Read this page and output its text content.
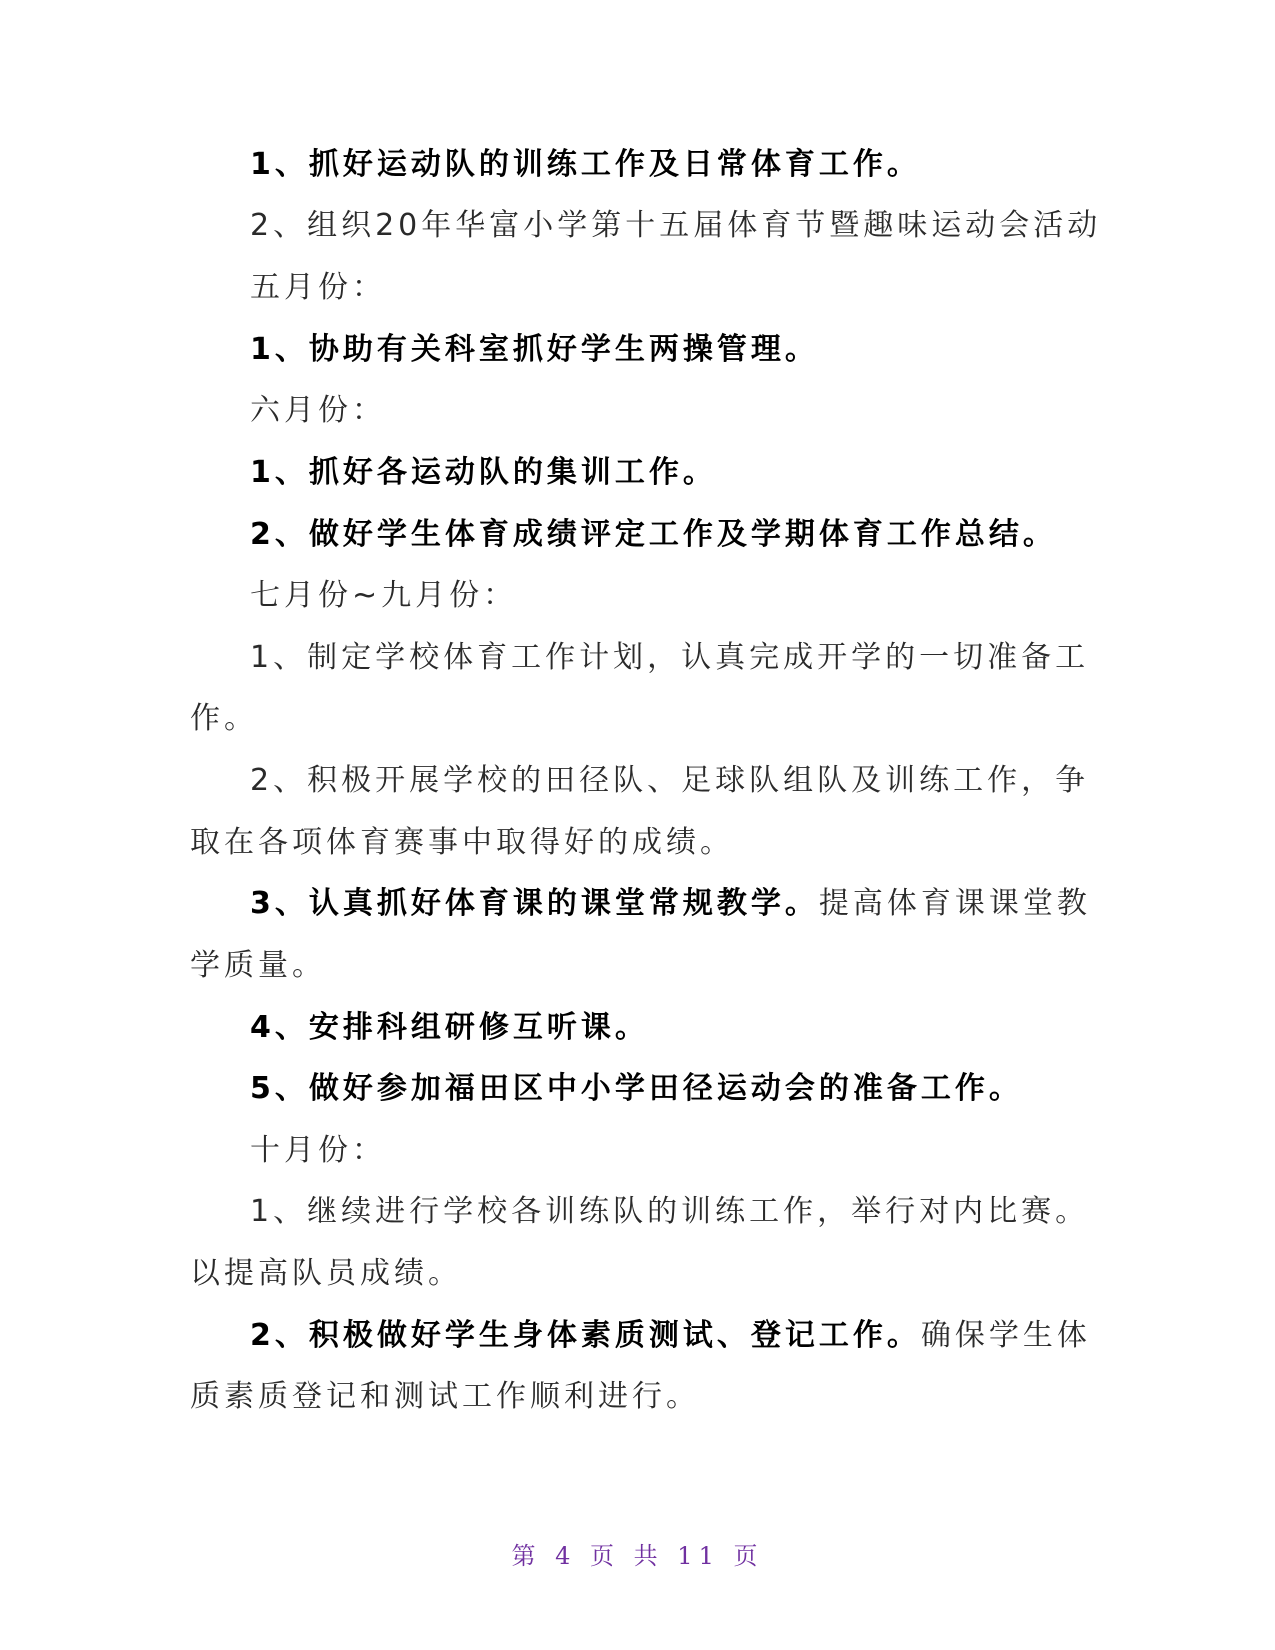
1、抓好运动队的训练工作及日常体育工作。

2、组织20年华富小学第十五届体育节暨趣味运动会活动

五月份：

1、协助有关科室抓好学生两操管理。

六月份：

1、抓好各运动队的集训工作。

2、做好学生体育成绩评定工作及学期体育工作总结。

七月份~九月份：

1、制定学校体育工作计划，认真完成开学的一切准备工

作。

2、积极开展学校的田径队、足球队组队及训练工作，争

取在各项体育赛事中取得好的成绩。

3、认真抓好体育课的课堂常规教学。提高体育课课堂教

学质量。

4、安排科组研修互听课。

5、做好参加福田区中小学田径运动会的准备工作。

十月份：

1、继续进行学校各训练队的训练工作，举行对内比赛。

以提高队员成绩。

2、积极做好学生身体素质测试、登记工作。确保学生体

质素质登记和测试工作顺利进行。

第 4 页 共 11 页
